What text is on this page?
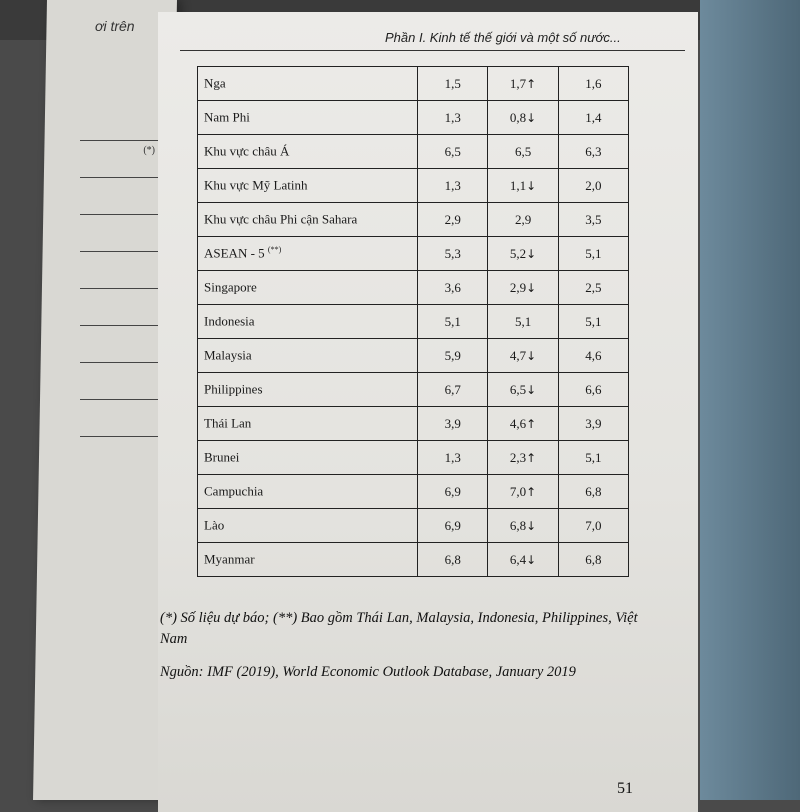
ơi trên
(*)
Phần I. Kinh tế thế giới và một số nước...
Nga	1,5	1,7↑	1,6
Nam Phi	1,3	0,8↓	1,4
Khu vực châu Á	6,5	6,5	6,3
Khu vực Mỹ Latinh	1,3	1,1↓	2,0
Khu vực châu Phi cận Sahara	2,9	2,9	3,5
ASEAN - 5 (**)	5,3	5,2↓	5,1
Singapore	3,6	2,9↓	2,5
Indonesia	5,1	5,1	5,1
Malaysia	5,9	4,7↓	4,6
Philippines	6,7	6,5↓	6,6
Thái Lan	3,9	4,6↑	3,9
Brunei	1,3	2,3↑	5,1
Campuchia	6,9	7,0↑	6,8
Lào	6,9	6,8↓	7,0
Myanmar	6,8	6,4↓	6,8
(*) Số liệu dự báo; (**) Bao gồm Thái Lan, Malaysia, Indonesia, Philippines, Việt Nam
Nguồn: IMF (2019), World Economic Outlook Database, January 2019
51
